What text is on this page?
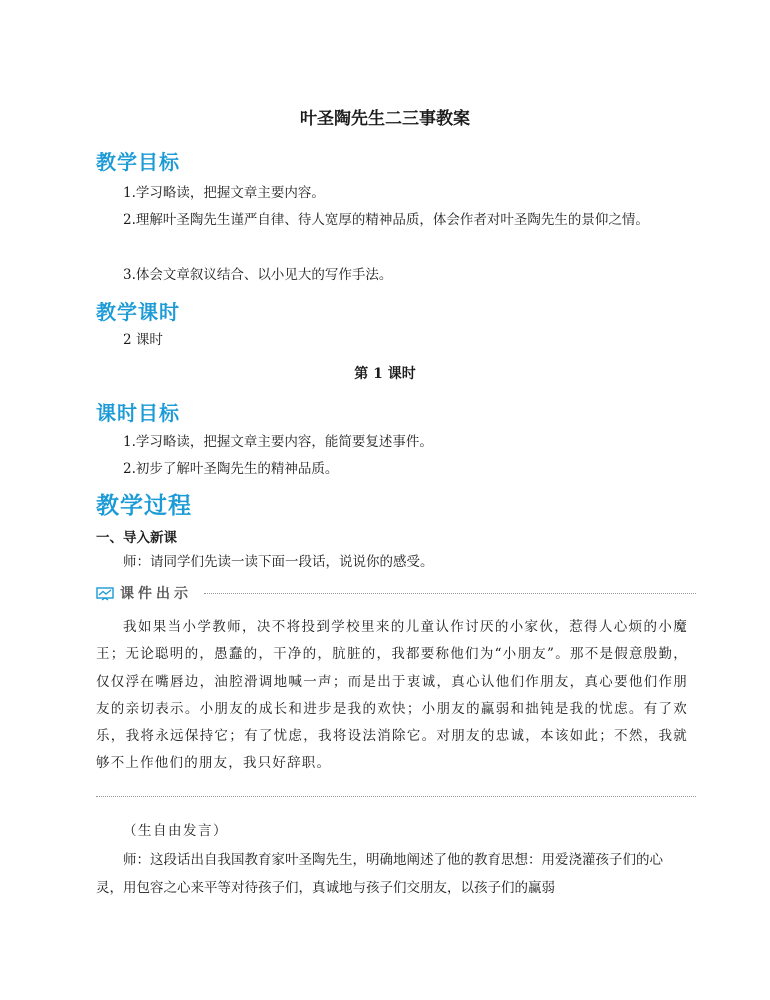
叶圣陶先生二三事教案
教学目标
1.学习略读，把握文章主要内容。
2.理解叶圣陶先生谨严自律、待人宽厚的精神品质，体会作者对叶圣陶先生的景仰之情。
3.体会文章叙议结合、以小见大的写作手法。
教学课时
2 课时
第 1 课时
课时目标
1.学习略读，把握文章主要内容，能简要复述事件。
2.初步了解叶圣陶先生的精神品质。
教学过程
一、导入新课
师：请同学们先读一读下面一段话，说说你的感受。
课件出示
我如果当小学教师，决不将投到学校里来的儿童认作讨厌的小家伙，惹得人心烦的小魔王；无论聪明的，愚蠢的，干净的，肮脏的，我都要称他们为“小朋友”。那不是假意殷勤，仅仅浮在嘴唇边，油腔滑调地喊一声；而是出于衷诚，真心认他们作朋友，真心要他们作朋友的亲切表示。小朋友的成长和进步是我的欢快；小朋友的赢弱和拙钝是我的忧虑。有了欢乐，我将永远保持它；有了忧虑，我将设法消除它。对朋友的忠诚，本该如此；不然，我就够不上作他们的朋友，我只好辞职。
（生自由发言）
师：这段话出自我国教育家叶圣陶先生，明确地阐述了他的教育思想：用爱浇灌孩子们的心灵，用包容之心来平等对待孩子们，真诚地与孩子们交朋友，以孩子们的赢弱
